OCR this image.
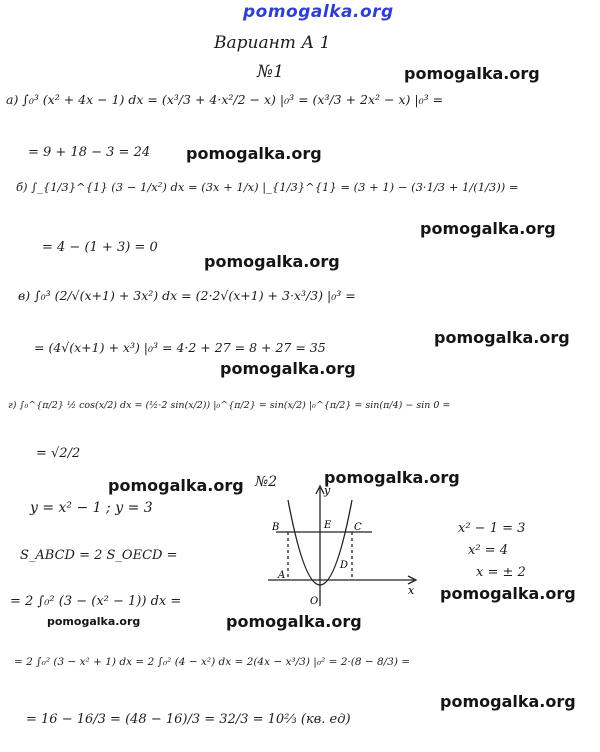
pomogalka.org
pomogalka.org
pomogalka.org
pomogalka.org
pomogalka.org
pomogalka.org
pomogalka.org
pomogalka.org	pomogalka.org
pomogalka.org
pomogalka.org	pomogalka.org
pomogalka.org
Вариант А 1
№1
а) ∫₀³ (x² + 4x − 1) dx = (x³/3 + 4·x²/2 − x) |₀³ = (x³/3 + 2x² − x) |₀³ =
= 9 + 18 − 3 = 24
б) ∫_{1/3}^{1} (3 − 1/x²) dx = (3x + 1/x) |_{1/3}^{1} = (3 + 1) − (3·1/3 + 1/(1/3)) =
= 4 − (1 + 3) = 0
в) ∫₀³ (2/√(x+1) + 3x²) dx = (2·2√(x+1) + 3·x³/3) |₀³ =
= (4√(x+1) + x³) |₀³ = 4·2 + 27 = 8 + 27 = 35
г) ∫₀^{π/2} ½ cos(x/2) dx = (½·2 sin(x/2)) |₀^{π/2} = sin(x/2) |₀^{π/2} = sin(π/4) − sin 0 =
= √2/2
№2
y = x² − 1 ; y = 3
S_ABCD = 2 S_OECD =
= 2 ∫₀² (3 − (x² − 1)) dx =
= 2 ∫₀² (3 − x² + 1) dx = 2 ∫₀² (4 − x²) dx = 2(4x − x³/3) |₀² = 2·(8 − 8/3) =
= 16 − 16/3 = (48 − 16)/3 = 32/3 = 10⅔ (кв. ед)
x² − 1 = 3
x² = 4
x = ± 2
y
x
B	C
E
A
D
O
